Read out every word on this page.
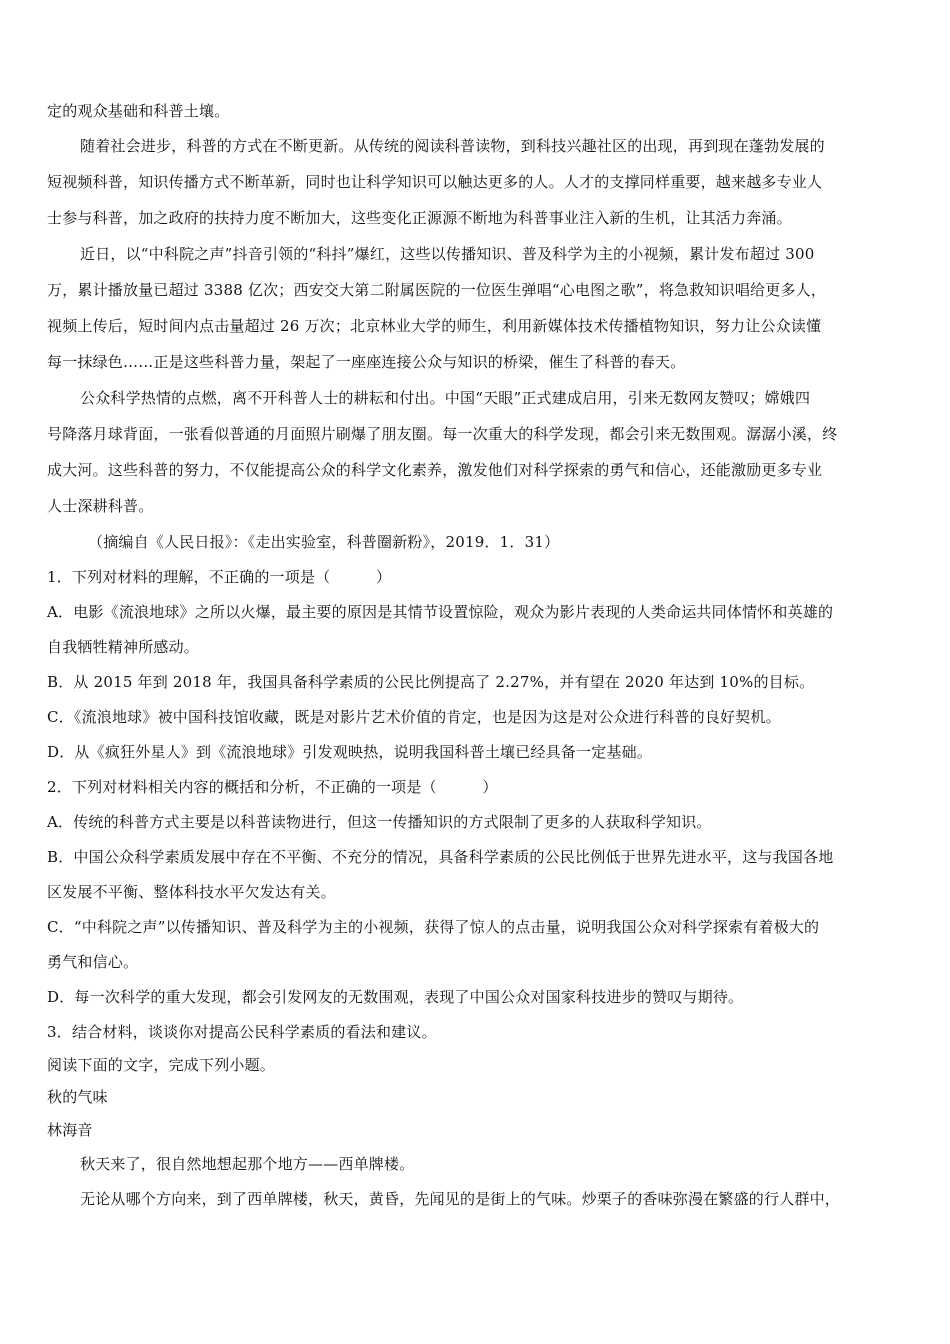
定的观众基础和科普土壤。
随着社会进步，科普的方式在不断更新。从传统的阅读科普读物，到科技兴趣社区的出现，再到现在蓬勃发展的
短视频科普，知识传播方式不断革新，同时也让科学知识可以触达更多的人。人才的支撑同样重要，越来越多专业人
士参与科普，加之政府的扶持力度不断加大，这些变化正源源不断地为科普事业注入新的生机，让其活力奔涌。
近日，以“中科院之声”抖音引领的“科抖”爆红，这些以传播知识、普及科学为主的小视频，累计发布超过 300
万，累计播放量已超过 3388 亿次；西安交大第二附属医院的一位医生弹唱“心电图之歌”，将急救知识唱给更多人，
视频上传后，短时间内点击量超过 26 万次；北京林业大学的师生，利用新媒体技术传播植物知识，努力让公众读懂
每一抹绿色……正是这些科普力量，架起了一座座连接公众与知识的桥梁，催生了科普的春天。
公众科学热情的点燃，离不开科普人士的耕耘和付出。中国“天眼”正式建成启用，引来无数网友赞叹；嫦娥四
号降落月球背面，一张看似普通的月面照片刷爆了朋友圈。每一次重大的科学发现，都会引来无数围观。潺潺小溪，终
成大河。这些科普的努力，不仅能提高公众的科学文化素养，激发他们对科学探索的勇气和信心，还能激励更多专业
人士深耕科普。
（摘编自《人民日报》：《走出实验室，科普圈新粉》，2019．1．31）
1．下列对材料的理解，不正确的一项是（　　　）
A．电影《流浪地球》之所以火爆，最主要的原因是其情节设置惊险，观众为影片表现的人类命运共同体情怀和英雄的
自我牺牲精神所感动。
B．从 2015 年到 2018 年，我国具备科学素质的公民比例提高了 2.27%，并有望在 2020 年达到 10%的目标。
C．《流浪地球》被中国科技馆收藏，既是对影片艺术价值的肯定，也是因为这是对公众进行科普的良好契机。
D．从《疯狂外星人》到《流浪地球》引发观映热，说明我国科普土壤已经具备一定基础。
2．下列对材料相关内容的概括和分析，不正确的一项是（　　　）
A．传统的科普方式主要是以科普读物进行，但这一传播知识的方式限制了更多的人获取科学知识。
B．中国公众科学素质发展中存在不平衡、不充分的情况，具备科学素质的公民比例低于世界先进水平，这与我国各地
区发展不平衡、整体科技水平欠发达有关。
C．“中科院之声”以传播知识、普及科学为主的小视频，获得了惊人的点击量，说明我国公众对科学探索有着极大的
勇气和信心。
D．每一次科学的重大发现，都会引发网友的无数围观，表现了中国公众对国家科技进步的赞叹与期待。
3．结合材料，谈谈你对提高公民科学素质的看法和建议。
阅读下面的文字，完成下列小题。
秋的气味
林海音
秋天来了，很自然地想起那个地方——西单牌楼。
无论从哪个方向来，到了西单牌楼，秋天，黄昏，先闻见的是街上的气味。炒栗子的香味弥漫在繁盛的行人群中，
